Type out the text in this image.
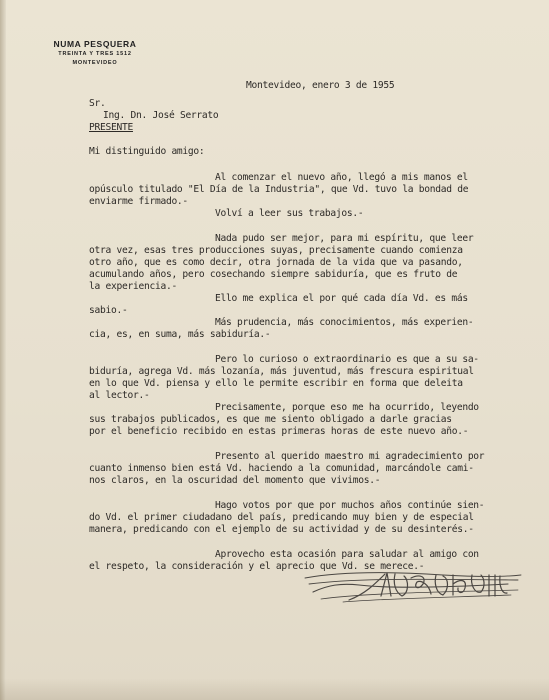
NUMA PESQUERA
TREINTA Y TRES 1512
MONTEVIDEO
Montevideo, enero 3 de 1955
Sr.
Ing. Dn. José Serrato
PRESENTE
Mi distinguido amigo:
Al comenzar el nuevo año, llegó a mis manos el
opúsculo titulado "El Día de la Industria", que Vd. tuvo la bondad de
enviarme firmado.-
Volví a leer sus trabajos.-
Nada pudo ser mejor, para mi espíritu, que leer
otra vez, esas tres producciones suyas, precisamente cuando comienza
otro año, que es como decir, otra jornada de la vida que va pasando,
acumulando años, pero cosechando siempre sabiduría, que es fruto de
la experiencia.-
Ello me explica el por qué cada día Vd. es más
sabio.-
Más prudencia, más conocimientos, más experien-
cia, es, en suma, más sabiduría.-
Pero lo curioso o extraordinario es que a su sa-
biduría, agrega Vd. más lozanía, más juventud, más frescura espiritual
en lo que Vd. piensa y ello le permite escribir en forma que deleita
al lector.-
Precisamente, porque eso me ha ocurrido, leyendo
sus trabajos publicados, es que me siento obligado a darle gracias
por el beneficio recibido en estas primeras horas de este nuevo año.-
Presento al querido maestro mi agradecimiento por
cuanto inmenso bien está Vd. haciendo a la comunidad, marcándole cami-
nos claros, en la oscuridad del momento que vivimos.-
Hago votos por que por muchos años continúe sien-
do Vd. el primer ciudadano del país, predicando muy bien y de especial
manera, predicando con el ejemplo de su actividad y de su desinterés.-
Aprovecho esta ocasión para saludar al amigo con
el respeto, la consideración y el aprecio que Vd. se merece.-
